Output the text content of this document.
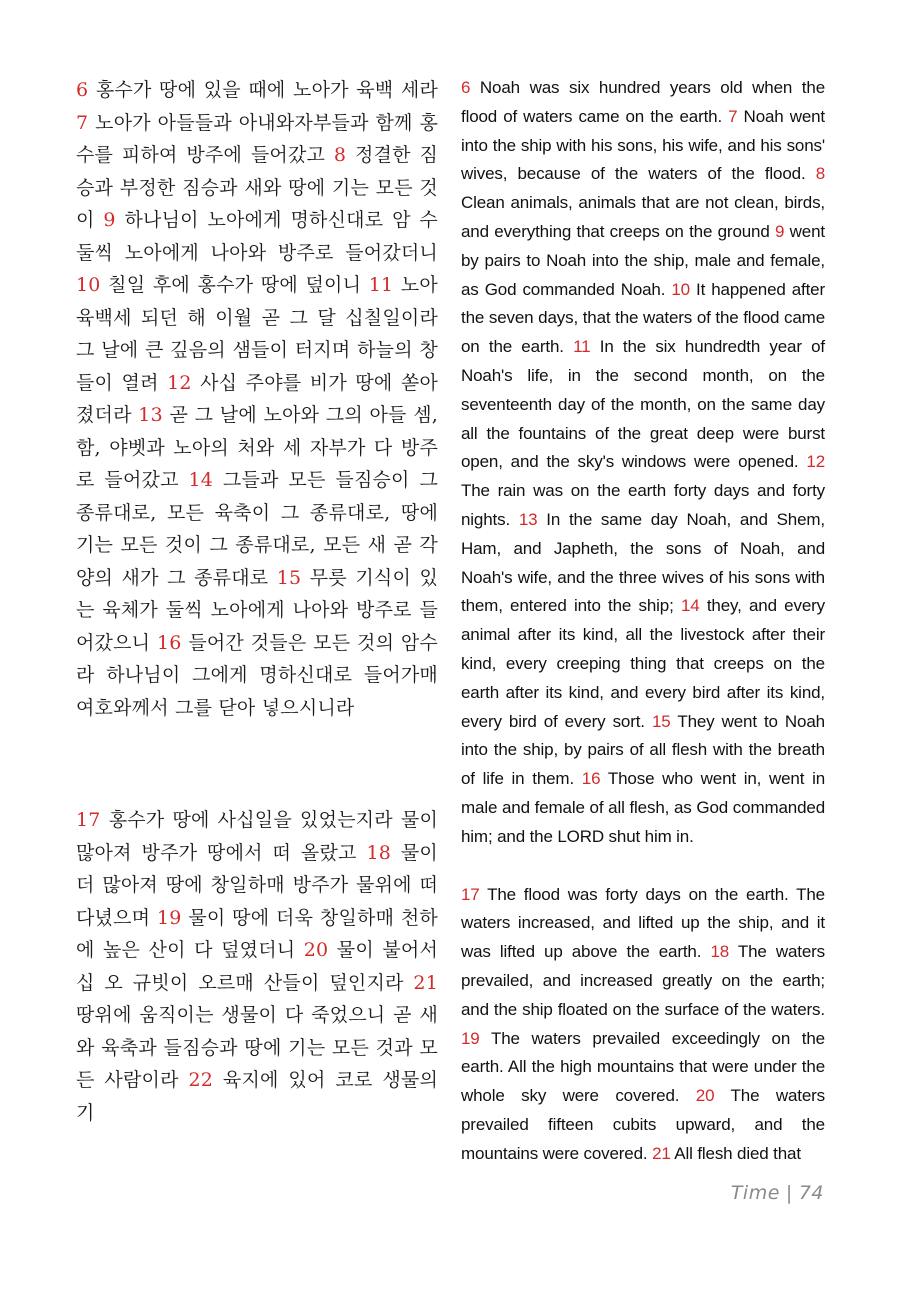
6 홍수가 땅에 있을 때에 노아가 육백 세라 7 노아가 아들들과 아내와자부들과 함께 홍수를 피하여 방주에 들어갔고 8 정결한 짐승과 부정한 짐승과 새와 땅에 기는 모든 것이 9 하나님이 노아에게 명하신대로 암 수 둘씩 노아에게 나아와 방주로 들어갔더니 10 칠일 후에 홍수가 땅에 덮이니 11 노아 육백세 되던 해 이월 곧 그 달 십칠일이라 그 날에 큰 깊음의 샘들이 터지며 하늘의 창들이 열려 12 사십 주야를 비가 땅에 쏟아졌더라 13 곧 그 날에 노아와 그의 아들 셈, 함, 야벳과 노아의 처와 세 자부가 다 방주로 들어갔고 14 그들과 모든 들짐승이 그 종류대로, 모든 육축이 그 종류대로, 땅에 기는 모든 것이 그 종류대로, 모든 새 곧 각양의 새가 그 종류대로 15 무릇 기식이 있는 육체가 둘씩 노아에게 나아와 방주로 들어갔으니 16 들어간 것들은 모든 것의 암수라 하나님이 그에게 명하신대로 들어가매 여호와께서 그를 닫아 넣으시니라

17 홍수가 땅에 사십일을 있었는지라 물이 많아져 방주가 땅에서 떠 올랐고 18 물이 더 많아져 땅에 창일하매 방주가 물위에 떠 다녔으며 19 물이 땅에 더욱 창일하매 천하에 높은 산이 다 덮였더니 20 물이 불어서 십 오 규빗이 오르매 산들이 덮인지라 21 땅위에 움직이는 생물이 다 죽었으니 곧 새와 육축과 들짐승과 땅에 기는 모든 것과 모든 사람이라 22 육지에 있어 코로 생물의 기

6 Noah was six hundred years old when the flood of waters came on the earth. 7 Noah went into the ship with his sons, his wife, and his sons' wives, because of the waters of the flood. 8 Clean animals, animals that are not clean, birds, and everything that creeps on the ground 9 went by pairs to Noah into the ship, male and female, as God commanded Noah. 10 It happened after the seven days, that the waters of the flood came on the earth. 11 In the six hundredth year of Noah's life, in the second month, on the seventeenth day of the month, on the same day all the fountains of the great deep were burst open, and the sky's windows were opened. 12 The rain was on the earth forty days and forty nights. 13 In the same day Noah, and Shem, Ham, and Japheth, the sons of Noah, and Noah's wife, and the three wives of his sons with them, entered into the ship; 14 they, and every animal after its kind, all the livestock after their kind, every creeping thing that creeps on the earth after its kind, and every bird after its kind, every bird of every sort. 15 They went to Noah into the ship, by pairs of all flesh with the breath of life in them. 16 Those who went in, went in male and female of all flesh, as God commanded him; and the LORD shut him in.

17 The flood was forty days on the earth. The waters increased, and lifted up the ship, and it was lifted up above the earth. 18 The waters prevailed, and increased greatly on the earth; and the ship floated on the surface of the waters. 19 The waters prevailed exceedingly on the earth. All the high mountains that were under the whole sky were covered. 20 The waters prevailed fifteen cubits upward, and the mountains were covered. 21 All flesh died that

Time | 74
